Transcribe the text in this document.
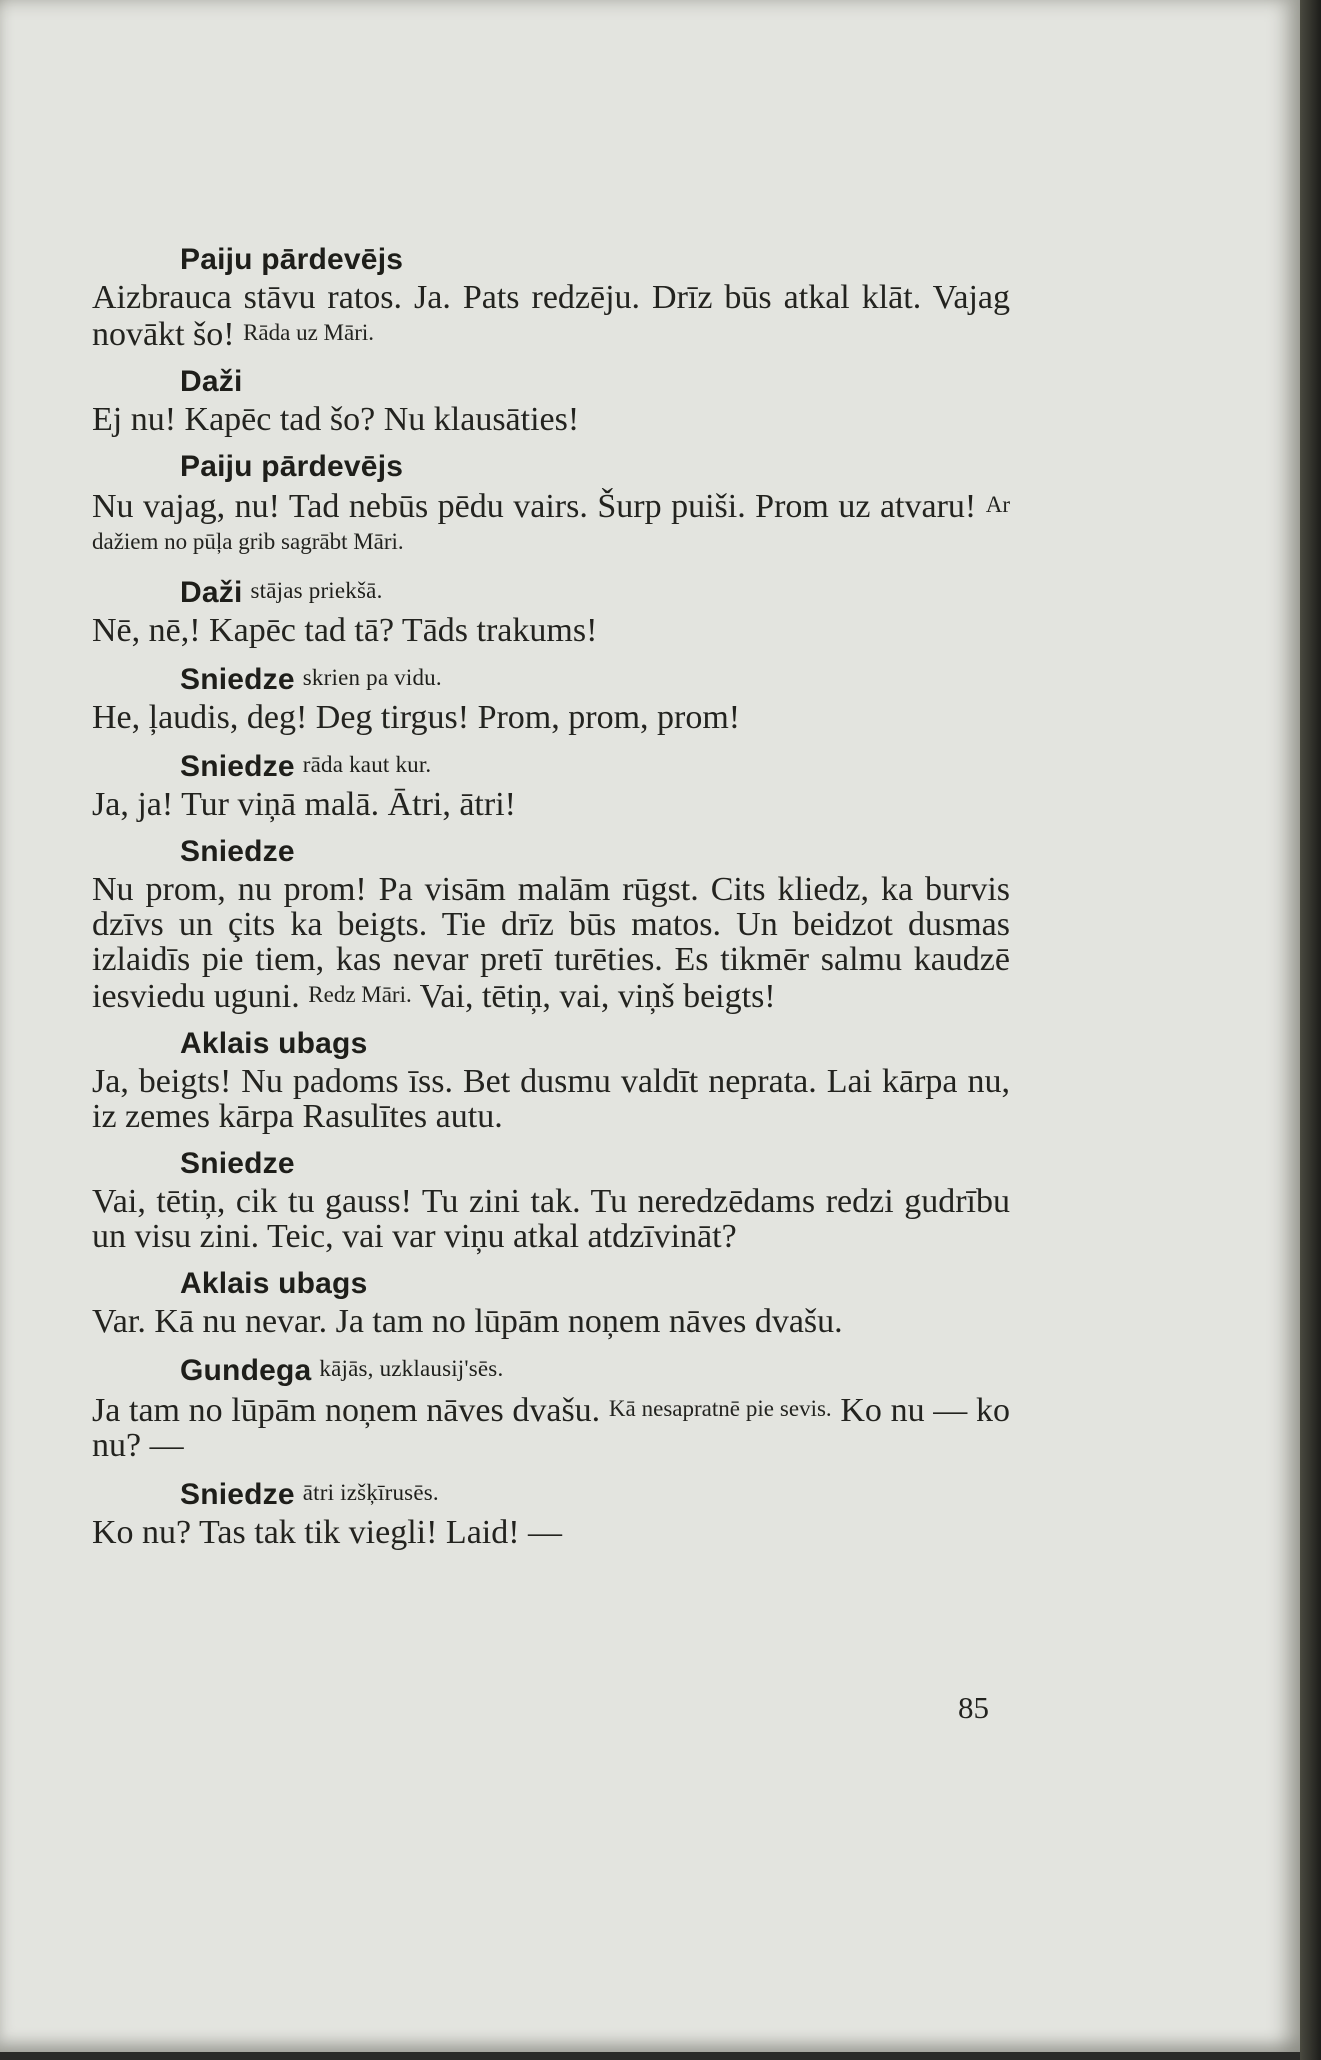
Paiju pārdevējs

Aizbrauca stāvu ratos. Ja. Pats redzēju. Drīz būs atkal klāt. Vajag novākt šo! Rāda uz Māri.

Daži

Ej nu! Kapēc tad šo? Nu klausāties!

Paiju pārdevējs

Nu vajag, nu! Tad nebūs pēdu vairs. Šurp puiši. Prom uz atvaru! Ar dažiem no pūļa grib sagrābt Māri.

Daži stājas priekšā.

Nē, nē,! Kapēc tad tā? Tāds trakums!

Sniedze skrien pa vidu.

He, ļaudis, deg! Deg tirgus! Prom, prom, prom!

Sniedze rāda kaut kur.

Ja, ja! Tur viņā malā. Ātri, ātri!

Sniedze

Nu prom, nu prom! Pa visām malām rūgst. Cits kliedz, ka burvis dzīvs un çits ka beigts. Tie drīz būs matos. Un beidzot dusmas izlaidīs pie tiem, kas nevar pretī turēties. Es tikmēr salmu kaudzē iesviedu uguni. Redz Māri. Vai, tētiņ, vai, viņš beigts!

Aklais ubags

Ja, beigts! Nu padoms īss. Bet dusmu valdīt neprata. Lai kārpa nu, iz zemes kārpa Rasulītes autu.

Sniedze

Vai, tētiņ, cik tu gauss! Tu zini tak. Tu neredzēdams redzi gudrību un visu zini. Teic, vai var viņu atkal atdzīvināt?

Aklais ubags

Var. Kā nu nevar. Ja tam no lūpām noņem nāves dvašu.

Gundega kājās, uzklausij'sēs.

Ja tam no lūpām noņem nāves dvašu. Kā nesapratnē pie sevis. Ko nu — ko nu? —

Sniedze ātri izšķīrusēs.

Ko nu? Tas tak tik viegli! Laid! —

85
